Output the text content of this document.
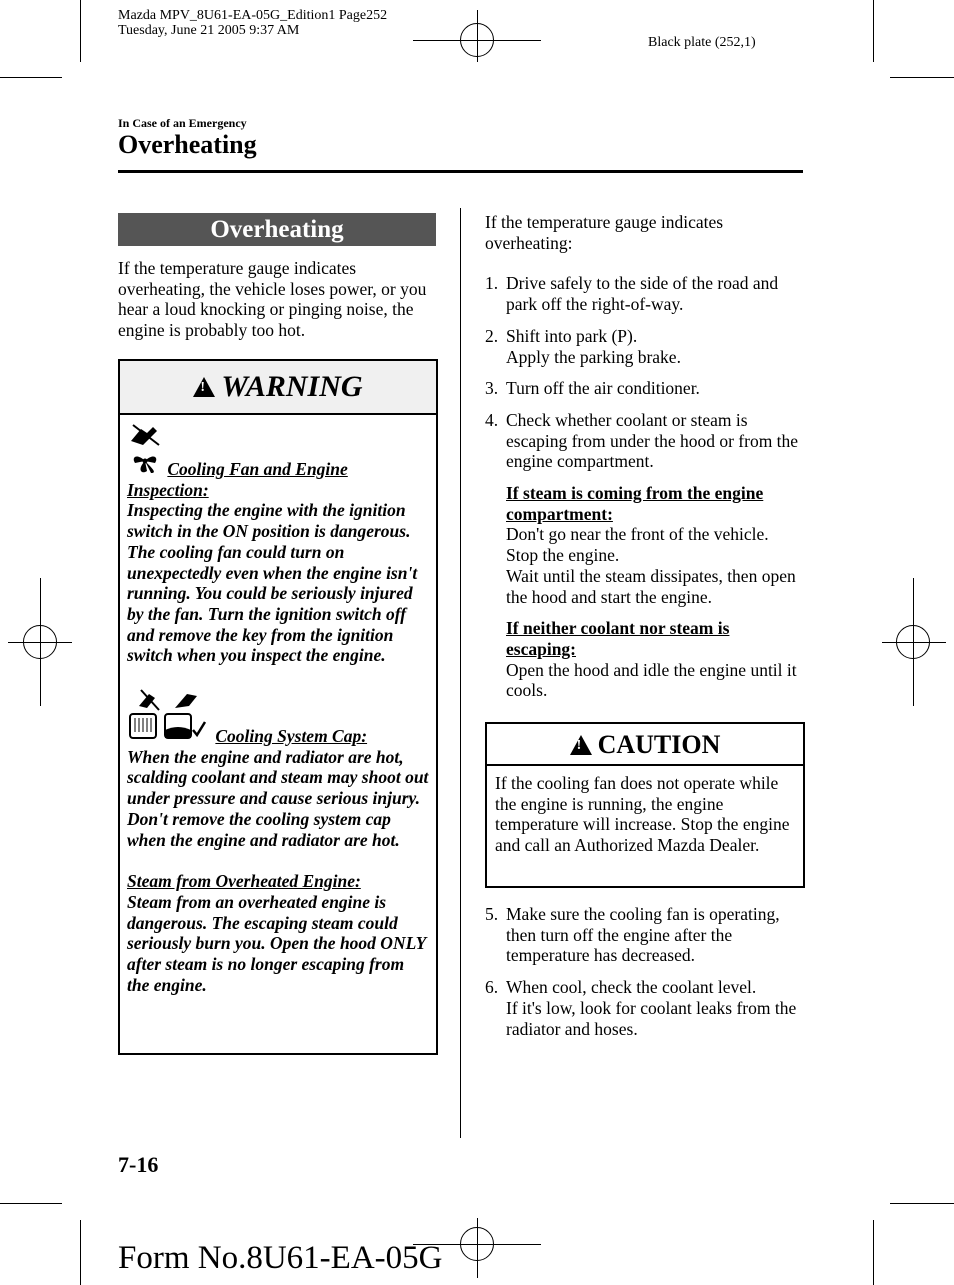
Mazda MPV_8U61-EA-05G_Edition1 Page252
Tuesday, June 21 2005 9:37 AM
Black plate (252,1)
In Case of an Emergency
Overheating
Overheating
If the temperature gauge indicates overheating, the vehicle loses power, or you hear a loud knocking or pinging noise, the engine is probably too hot.
!WARNING
Cooling Fan and Engine Inspection:
Inspecting the engine with the ignition switch in the ON position is dangerous. The cooling fan could turn on unexpectedly even when the engine isn't running. You could be seriously injured by the fan. Turn the ignition switch off and remove the key from the ignition switch when you inspect the engine.
Cooling System Cap:
When the engine and radiator are hot, scalding coolant and steam may shoot out under pressure and cause serious injury. Don't remove the cooling system cap when the engine and radiator are hot.
Steam from Overheated Engine:
Steam from an overheated engine is dangerous. The escaping steam could seriously burn you. Open the hood ONLY after steam is no longer escaping from the engine.
If the temperature gauge indicates overheating:
1. Drive safely to the side of the road and park off the right-of-way.
2. Shift into park (P).
Apply the parking brake.
3. Turn off the air conditioner.
4. Check whether coolant or steam is escaping from under the hood or from the engine compartment.
If steam is coming from the engine compartment:
Don't go near the front of the vehicle.
Stop the engine.
Wait until the steam dissipates, then open the hood and start the engine.
If neither coolant nor steam is escaping:
Open the hood and idle the engine until it cools.
!CAUTION
If the cooling fan does not operate while the engine is running, the engine temperature will increase. Stop the engine and call an Authorized Mazda Dealer.
5. Make sure the cooling fan is operating, then turn off the engine after the temperature has decreased.
6. When cool, check the coolant level.
If it's low, look for coolant leaks from the radiator and hoses.
7-16
Form No.8U61-EA-05G
